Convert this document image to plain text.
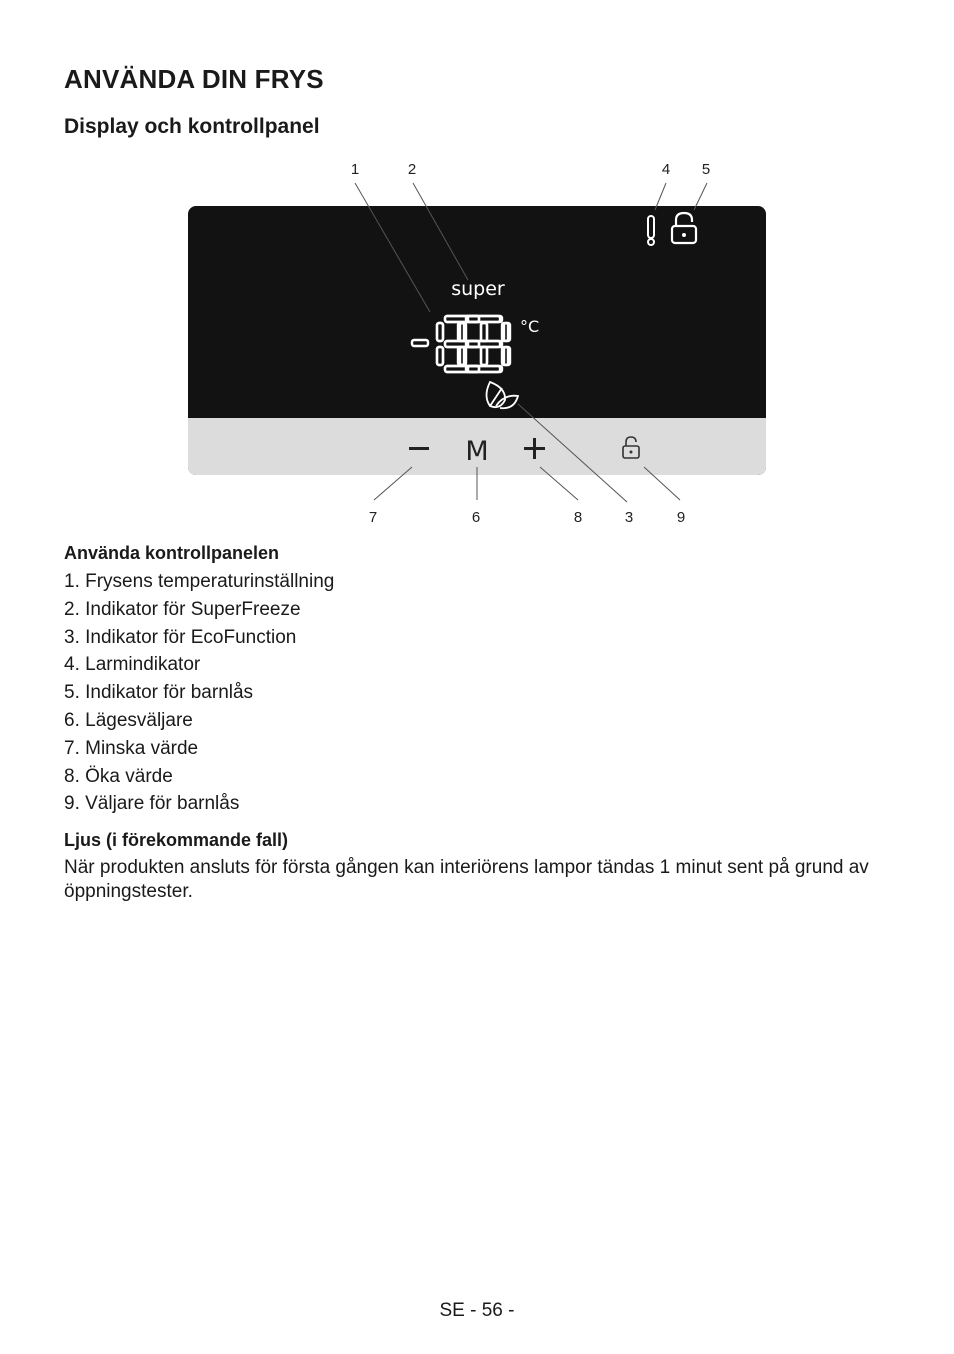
ANVÄNDA DIN FRYS
Display och kontrollpanel
super
°C
M
1	2	4 5
7	6	8	3	9
Använda kontrollpanelen
1. Frysens temperaturinställning
2. Indikator för SuperFreeze
3. Indikator för EcoFunction
4. Larmindikator
5. Indikator för barnlås
6. Lägesväljare
7. Minska värde
8. Öka värde
9. Väljare för barnlås
Ljus (i förekommande fall)

När produkten ansluts för första gången kan interiörens lampor tändas 1 minut sent på grund av öppningstester.

SE - 56 -
